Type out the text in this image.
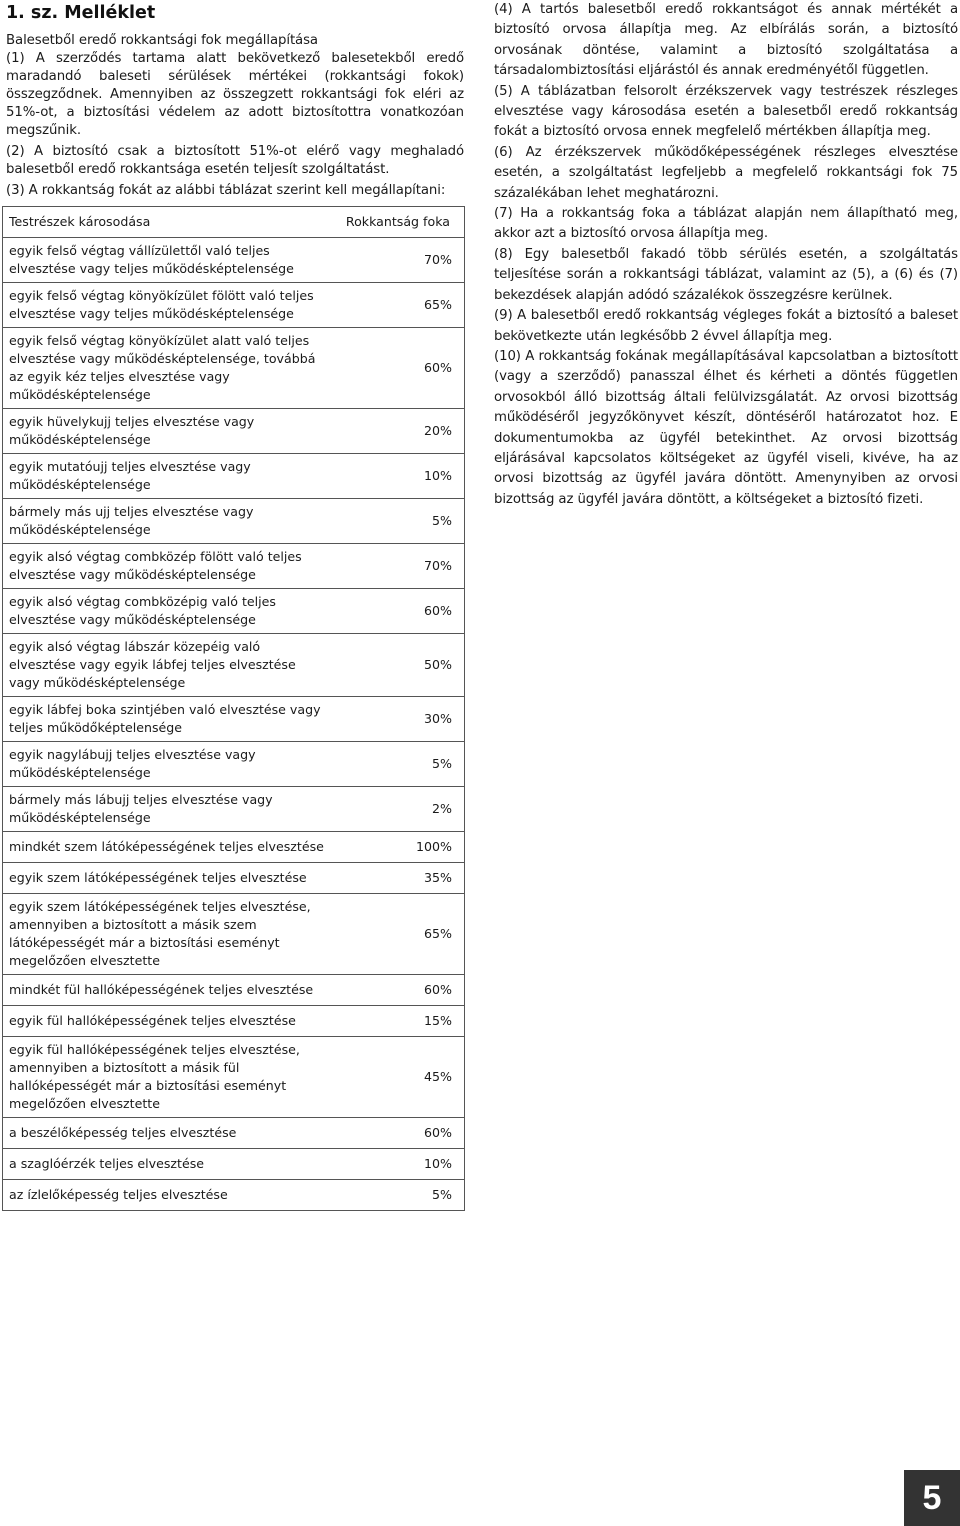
1. sz. Melléklet

Balesetből eredő rokkantsági fok megállapítása

(1) A szerződés tartama alatt bekövetkező balesetekből eredő maradandó baleseti sérülések mértékei (rokkantsági fokok) összegződnek. Amennyiben az összegzett rokkantsági fok eléri az 51%-ot, a biztosítási védelem az adott biztosítottra vonatkozóan megszűnik.

(2) A biztosító csak a biztosított 51%-ot elérő vagy meghaladó balesetből eredő rokkantsága esetén teljesít szolgáltatást.

(3) A rokkantság fokát az alábbi táblázat szerint kell megállapítani:

Testrészek károsodása	Rokkantság foka
egyik felső végtag vállízülettől való teljes elvesztése vagy teljes működésképtelensége	70%
egyik felső végtag könyökízület fölött való teljes elvesztése vagy teljes működésképtelensége	65%
egyik felső végtag könyökízület alatt való teljes elvesztése vagy működésképtelensége, továbbá az egyik kéz teljes elvesztése vagy működésképtelensége	60%
egyik hüvelykujj teljes elvesztése vagy működésképtelensége	20%
egyik mutatóujj teljes elvesztése vagy működésképtelensége	10%
bármely más ujj teljes elvesztése vagy működésképtelensége	5%
egyik alsó végtag combközép fölött való teljes elvesztése vagy működésképtelensége	70%
egyik alsó végtag combközépig való teljes elvesztése vagy működésképtelensége	60%
egyik alsó végtag lábszár közepéig való elvesztése vagy egyik lábfej teljes elvesztése vagy működésképtelensége	50%
egyik lábfej boka szintjében való elvesztése vagy teljes működőképtelensége	30%
egyik nagylábujj teljes elvesztése vagy működésképtelensége	5%
bármely más lábujj teljes elvesztése vagy működésképtelensége	2%
mindkét szem látóképességének teljes elvesztése	100%
egyik szem látóképességének teljes elvesztése	35%
egyik szem látóképességének teljes elvesztése, amennyiben a biztosított a másik szem látóképességét már a biztosítási eseményt megelőzően elvesztette	65%
mindkét fül hallóképességének teljes elvesztése	60%
egyik fül hallóképességének teljes elvesztése	15%
egyik fül hallóképességének teljes elvesztése, amennyiben a biztosított a másik fül hallóképességét már a biztosítási eseményt megelőzően elvesztette	45%
a beszélőképesség teljes elvesztése	60%
a szaglóérzék teljes elvesztése	10%
az ízlelőképesség teljes elvesztése	5%

(4) A tartós balesetből eredő rokkantságot és annak mértékét a biztosító orvosa állapítja meg. Az elbírálás során, a biztosító orvosának döntése, valamint a biztosító szolgáltatása a társadalombiztosítási eljárástól és annak eredményétől független.

(5) A táblázatban felsorolt érzékszervek vagy testrészek részleges elvesztése vagy károsodása esetén a balesetből eredő rokkantság fokát a biztosító orvosa ennek megfelelő mértékben állapítja meg.

(6) Az érzékszervek működőképességének részleges elvesztése esetén, a szolgáltatást legfeljebb a megfelelő rokkantsági fok 75 százalékában lehet meghatározni.

(7) Ha a rokkantság foka a táblázat alapján nem állapítható meg, akkor azt a biztosító orvosa állapítja meg.

(8) Egy balesetből fakadó több sérülés esetén, a szolgáltatás teljesítése során a rokkantsági táblázat, valamint az (5), a (6) és (7) bekezdések alapján adódó százalékok összegzésre kerülnek.

(9) A balesetből eredő rokkantság végleges fokát a biztosító a baleset bekövetkezte után legkésőbb 2 évvel állapítja meg.

(10) A rokkantság fokának megállapításával kapcsolatban a biztosított (vagy a szerződő) panasszal élhet és kérheti a döntés független orvosokból álló bizottság általi felülvizsgálatát. Az orvosi bizottság működéséről jegyzőkönyvet készít, döntéséről határozatot hoz. E dokumentumokba az ügyfél betekinthet. Az orvosi bizottság eljárásával kapcsolatos költségeket az ügyfél viseli, kivéve, ha az orvosi bizottság az ügyfél javára döntött. Amenynyiben az orvosi bizottság az ügyfél javára döntött, a költségeket a biztosító fizeti.

5
